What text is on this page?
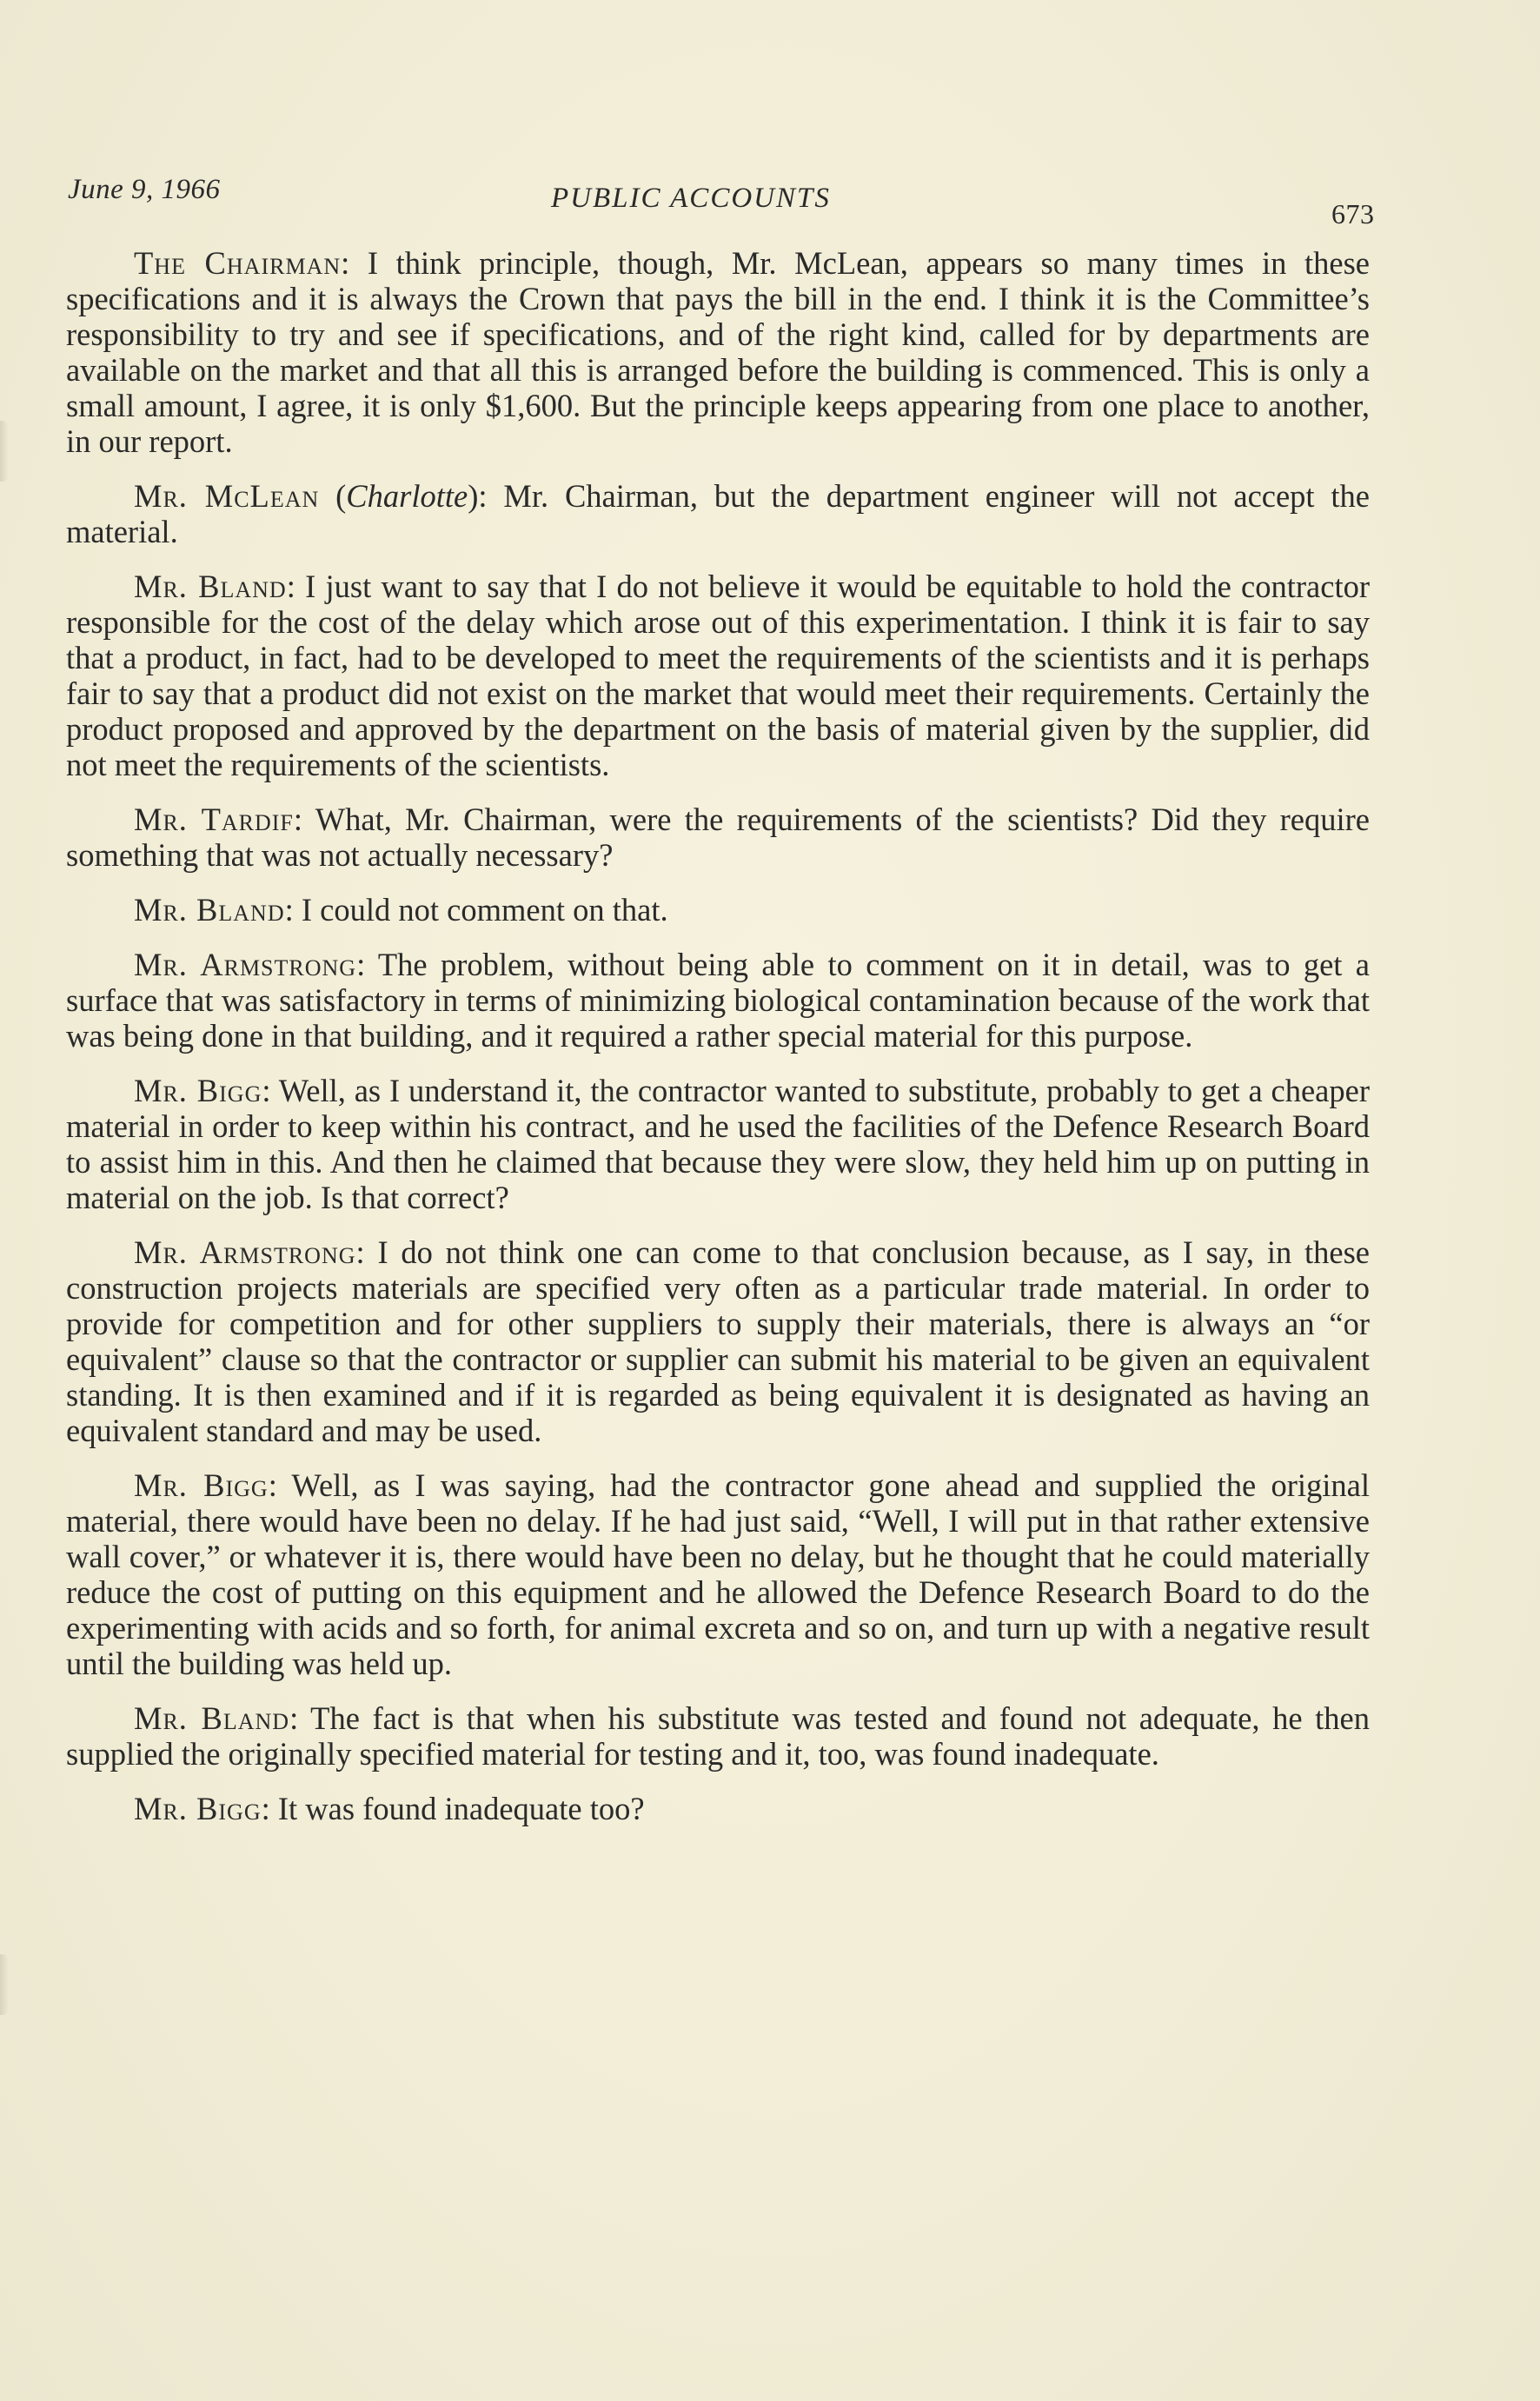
June 9, 1966	PUBLIC ACCOUNTS	673

The Chairman: I think principle, though, Mr. McLean, appears so many times in these specifications and it is always the Crown that pays the bill in the end. I think it is the Committee’s responsibility to try and see if specifications, and of the right kind, called for by departments are available on the market and that all this is arranged before the building is commenced. This is only a small amount, I agree, it is only $1,600. But the principle keeps appearing from one place to another, in our report.

Mr. McLean (Charlotte): Mr. Chairman, but the department engineer will not accept the material.

Mr. Bland: I just want to say that I do not believe it would be equitable to hold the contractor responsible for the cost of the delay which arose out of this experimentation. I think it is fair to say that a product, in fact, had to be developed to meet the requirements of the scientists and it is perhaps fair to say that a product did not exist on the market that would meet their requirements. Certainly the product proposed and approved by the department on the basis of material given by the supplier, did not meet the requirements of the scientists.

Mr. Tardif: What, Mr. Chairman, were the requirements of the scientists? Did they require something that was not actually necessary?

Mr. Bland: I could not comment on that.

Mr. Armstrong: The problem, without being able to comment on it in detail, was to get a surface that was satisfactory in terms of minimizing biological contamination because of the work that was being done in that building, and it required a rather special material for this purpose.

Mr. Bigg: Well, as I understand it, the contractor wanted to substitute, probably to get a cheaper material in order to keep within his contract, and he used the facilities of the Defence Research Board to assist him in this. And then he claimed that because they were slow, they held him up on putting in material on the job. Is that correct?

Mr. Armstrong: I do not think one can come to that conclusion because, as I say, in these construction projects materials are specified very often as a particular trade material. In order to provide for competition and for other suppliers to supply their materials, there is always an “or equivalent” clause so that the contractor or supplier can submit his material to be given an equivalent standing. It is then examined and if it is regarded as being equivalent it is designated as having an equivalent standard and may be used.

Mr. Bigg: Well, as I was saying, had the contractor gone ahead and supplied the original material, there would have been no delay. If he had just said, “Well, I will put in that rather extensive wall cover,” or whatever it is, there would have been no delay, but he thought that he could materially reduce the cost of putting on this equipment and he allowed the Defence Research Board to do the experimenting with acids and so forth, for animal excreta and so on, and turn up with a negative result until the building was held up.

Mr. Bland: The fact is that when his substitute was tested and found not adequate, he then supplied the originally specified material for testing and it, too, was found inadequate.

Mr. Bigg: It was found inadequate too?
